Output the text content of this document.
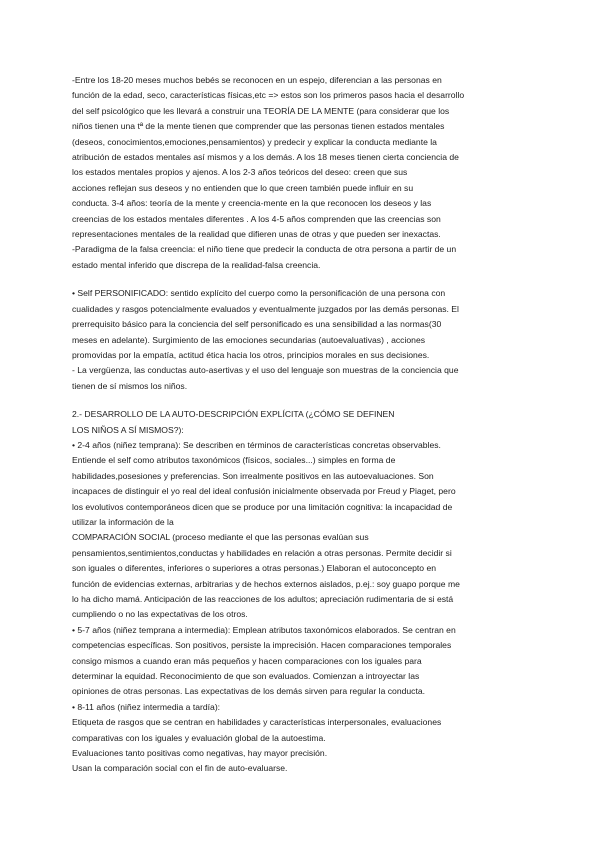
-Entre los 18-20 meses muchos bebés se reconocen en un espejo, diferencian a las personas en
función de la edad, seco, características físicas,etc => estos son los primeros pasos hacia el desarrollo
del self psicológico que les llevará a construir una TEORÍA DE LA MENTE (para considerar que los
niños tienen una tª de la mente tienen que comprender que las personas tienen estados mentales
(deseos, conocimientos,emociones,pensamientos) y predecir y explicar la conducta mediante la
atribución de estados mentales así mismos y a los demás. A los 18 meses tienen cierta conciencia de
los estados mentales propios y ajenos. A los 2-3 años teóricos del deseo: creen que sus
acciones reflejan sus deseos y no entienden que lo que creen también puede influir en su
conducta. 3-4 años: teoría de la mente y creencia-mente en la que reconocen los deseos y las
creencias de los estados mentales diferentes . A los 4-5 años comprenden que las creencias son
representaciones mentales de la realidad que difieren unas de otras y que pueden ser inexactas.
-Paradigma de la falsa creencia: el niño tiene que predecir la conducta de otra persona a partir de un
estado mental inferido que discrepa de la realidad-falsa creencia.
• Self PERSONIFICADO: sentido explícito del cuerpo como la personificación de una persona con
cualidades y rasgos potencialmente evaluados y eventualmente juzgados por las demás personas. El
prerrequisito básico para la conciencia del self personificado es una sensibilidad a las normas(30
meses en adelante). Surgimiento de las emociones secundarias (autoevaluativas) , acciones
promovidas por la empatía, actitud ética hacia los otros, principios morales en sus decisiones.
- La vergüenza, las conductas auto-asertivas y el uso del lenguaje son muestras de la conciencia que
tienen de sí mismos los niños.
2.- DESARROLLO DE LA AUTO-DESCRIPCIÓN EXPLÍCITA (¿CÓMO SE DEFINEN
LOS NIÑOS A SÍ MISMOS?):
• 2-4 años (niñez temprana): Se describen en términos de características concretas observables.
Entiende el self como atributos taxonómicos (físicos, sociales...) simples en forma de
habilidades,posesiones y preferencias. Son irrealmente positivos en las autoevaluaciones. Son
incapaces de distinguir el yo real del ideal confusión inicialmente observada por Freud y Piaget, pero
los evolutivos contemporáneos dicen que se produce por una limitación cognitiva: la incapacidad de
utilizar la información de la
COMPARACIÓN SOCIAL (proceso mediante el que las personas evalúan sus
pensamientos,sentimientos,conductas y habilidades en relación a otras personas. Permite decidir si
son iguales o diferentes, inferiores o superiores a otras personas.) Elaboran el autoconcepto en
función de evidencias externas, arbitrarias y de hechos externos aislados, p.ej.: soy guapo porque me
lo ha dicho mamá. Anticipación de las reacciones de los adultos; apreciación rudimentaria de si está
cumpliendo o no las expectativas de los otros.
• 5-7 años (niñez temprana a intermedia): Emplean atributos taxonómicos elaborados. Se centran en
competencias específicas. Son positivos, persiste la imprecisión. Hacen comparaciones temporales
consigo mismos a cuando eran más pequeños y hacen comparaciones con los iguales para
determinar la equidad. Reconocimiento de que son evaluados. Comienzan a introyectar las
opiniones de otras personas. Las expectativas de los demás sirven para regular la conducta.
• 8-11 años (niñez intermedia a tardía):
Etiqueta de rasgos que se centran en habilidades y características interpersonales, evaluaciones
comparativas con los iguales y evaluación global de la autoestima.
Evaluaciones tanto positivas como negativas, hay mayor precisión.
Usan la comparación social con el fin de auto-evaluarse.
